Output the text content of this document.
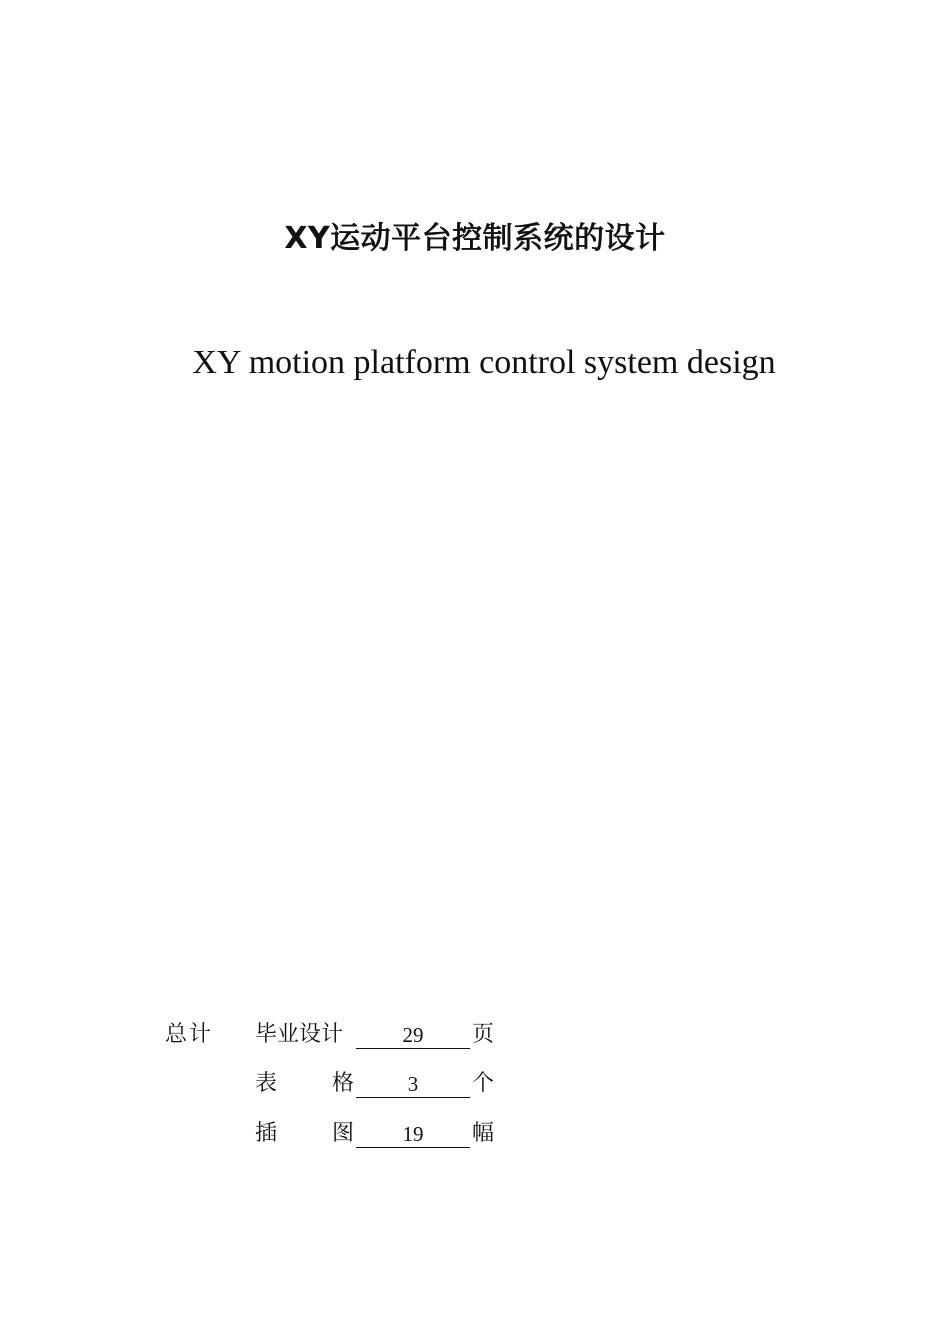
XY运动平台控制系统的设计
XY motion platform control system design
总计 毕业设计	29	页
表 格	3	个
插 图	19	幅
